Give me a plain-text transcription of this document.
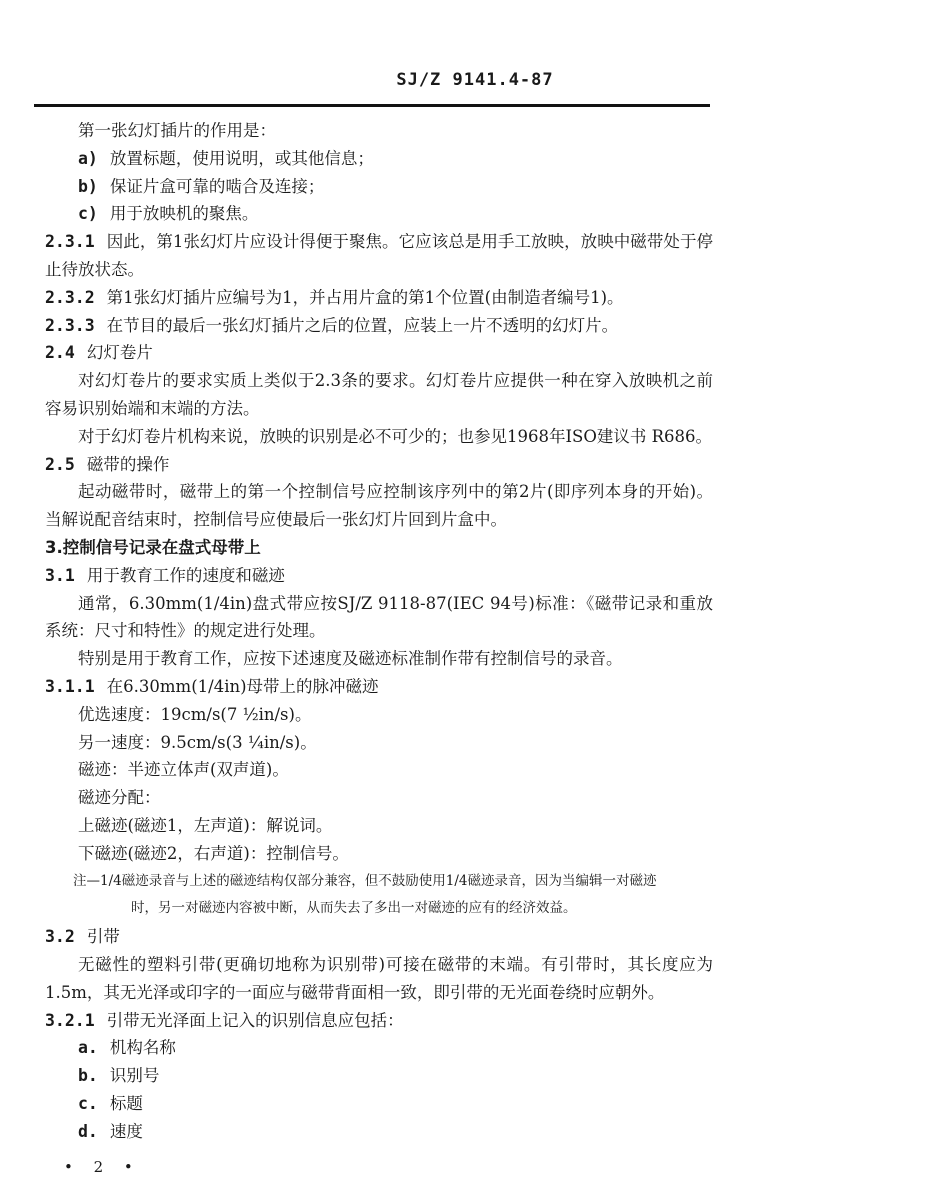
SJ/Z 9141.4-87
第一张幻灯插片的作用是：
a) 放置标题，使用说明，或其他信息；
b) 保证片盒可靠的啮合及连接；
c) 用于放映机的聚焦。
2.3.1 因此，第1张幻灯片应设计得便于聚焦。它应该总是用手工放映，放映中磁带处于停
止待放状态。
2.3.2 第1张幻灯插片应编号为1，并占用片盒的第1个位置(由制造者编号1)。
2.3.3 在节目的最后一张幻灯插片之后的位置，应装上一片不透明的幻灯片。
2.4 幻灯卷片
对幻灯卷片的要求实质上类似于2.3条的要求。幻灯卷片应提供一种在穿入放映机之前
容易识别始端和末端的方法。
对于幻灯卷片机构来说，放映的识别是必不可少的；也参见1968年ISO建议书 R686。
2.5 磁带的操作
起动磁带时，磁带上的第一个控制信号应控制该序列中的第2片(即序列本身的开始)。
当解说配音结束时，控制信号应使最后一张幻灯片回到片盒中。
3.控制信号记录在盘式母带上
3.1 用于教育工作的速度和磁迹
通常，6.30mm(1/4in)盘式带应按SJ/Z 9118-87(IEC 94号)标准：《磁带记录和重放
系统：尺寸和特性》的规定进行处理。
特别是用于教育工作，应按下述速度及磁迹标准制作带有控制信号的录音。
3.1.1 在6.30mm(1/4in)母带上的脉冲磁迹
优选速度：19cm/s(7 ½in/s)。
另一速度：9.5cm/s(3 ¼in/s)。
磁迹：半迹立体声(双声道)。
磁迹分配：
上磁迹(磁迹1，左声道)：解说词。
下磁迹(磁迹2，右声道)：控制信号。
注—1/4磁迹录音与上述的磁迹结构仅部分兼容，但不鼓励使用1/4磁迹录音，因为当编辑一对磁迹
时，另一对磁迹内容被中断，从而失去了多出一对磁迹的应有的经济效益。
3.2 引带
无磁性的塑料引带(更确切地称为识别带)可接在磁带的末端。有引带时，其长度应为
1.5m，其无光泽或印字的一面应与磁带背面相一致，即引带的无光面卷绕时应朝外。
3.2.1 引带无光泽面上记入的识别信息应包括：
a. 机构名称
b. 识别号
c. 标题
d. 速度
• 2 •
